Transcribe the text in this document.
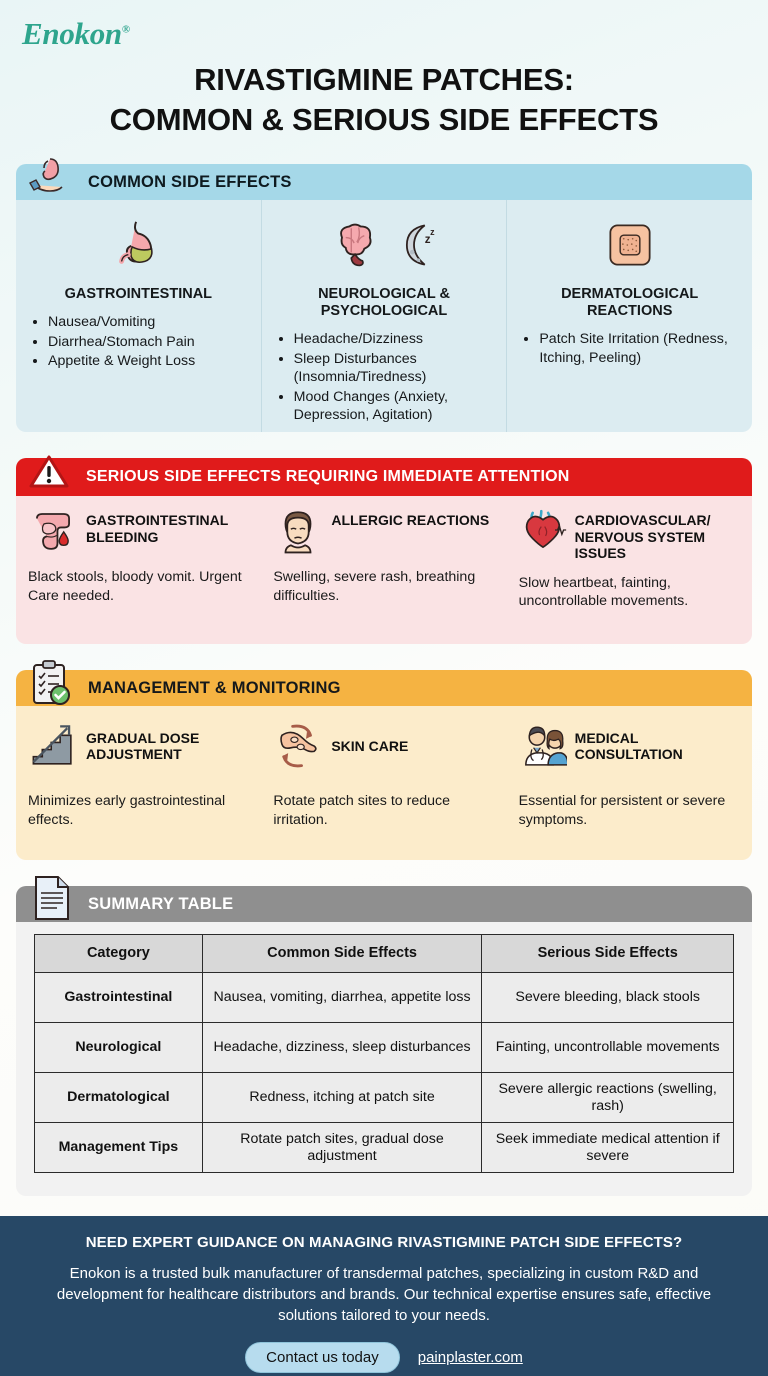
Enokon®
RIVASTIGMINE PATCHES:
COMMON & SERIOUS SIDE EFFECTS
COMMON SIDE EFFECTS
GASTROINTESTINAL
• Nausea/Vomiting
• Diarrhea/Stomach Pain
• Appetite & Weight Loss
z
z
NEUROLOGICAL & PSYCHOLOGICAL
• Headache/Dizziness
• Sleep Disturbances (Insomnia/Tiredness)
• Mood Changes (Anxiety, Depression, Agitation)
DERMATOLOGICAL REACTIONS
• Patch Site Irritation (Redness, Itching, Peeling)
SERIOUS SIDE EFFECTS REQUIRING IMMEDIATE ATTENTION
GASTROINTESTINAL BLEEDING
Black stools, bloody vomit. Urgent Care needed.
ALLERGIC REACTIONS
Swelling, severe rash, breathing difficulties.
CARDIOVASCULAR/ NERVOUS SYSTEM ISSUES
Slow heartbeat, fainting, uncontrollable movements.
MANAGEMENT & MONITORING
GRADUAL DOSE ADJUSTMENT
Minimizes early gastrointestinal effects.
SKIN CARE
Rotate patch sites to reduce irritation.
MEDICAL CONSULTATION
Essential for persistent or severe symptoms.
SUMMARY TABLE
Category	Common Side Effects	Serious Side Effects
Gastrointestinal	Nausea, vomiting, diarrhea, appetite loss	Severe bleeding, black stools
Neurological	Headache, dizziness, sleep disturbances	Fainting, uncontrollable movements
Dermatological	Redness, itching at patch site	Severe allergic reactions (swelling, rash)
Management Tips	Rotate patch sites, gradual dose adjustment	Seek immediate medical attention if severe
NEED EXPERT GUIDANCE ON MANAGING RIVASTIGMINE PATCH SIDE EFFECTS?
Enokon is a trusted bulk manufacturer of transdermal patches, specializing in custom R&D and development for healthcare distributors and brands. Our technical expertise ensures safe, effective solutions tailored to your needs.
Contact us today	painplaster.com
